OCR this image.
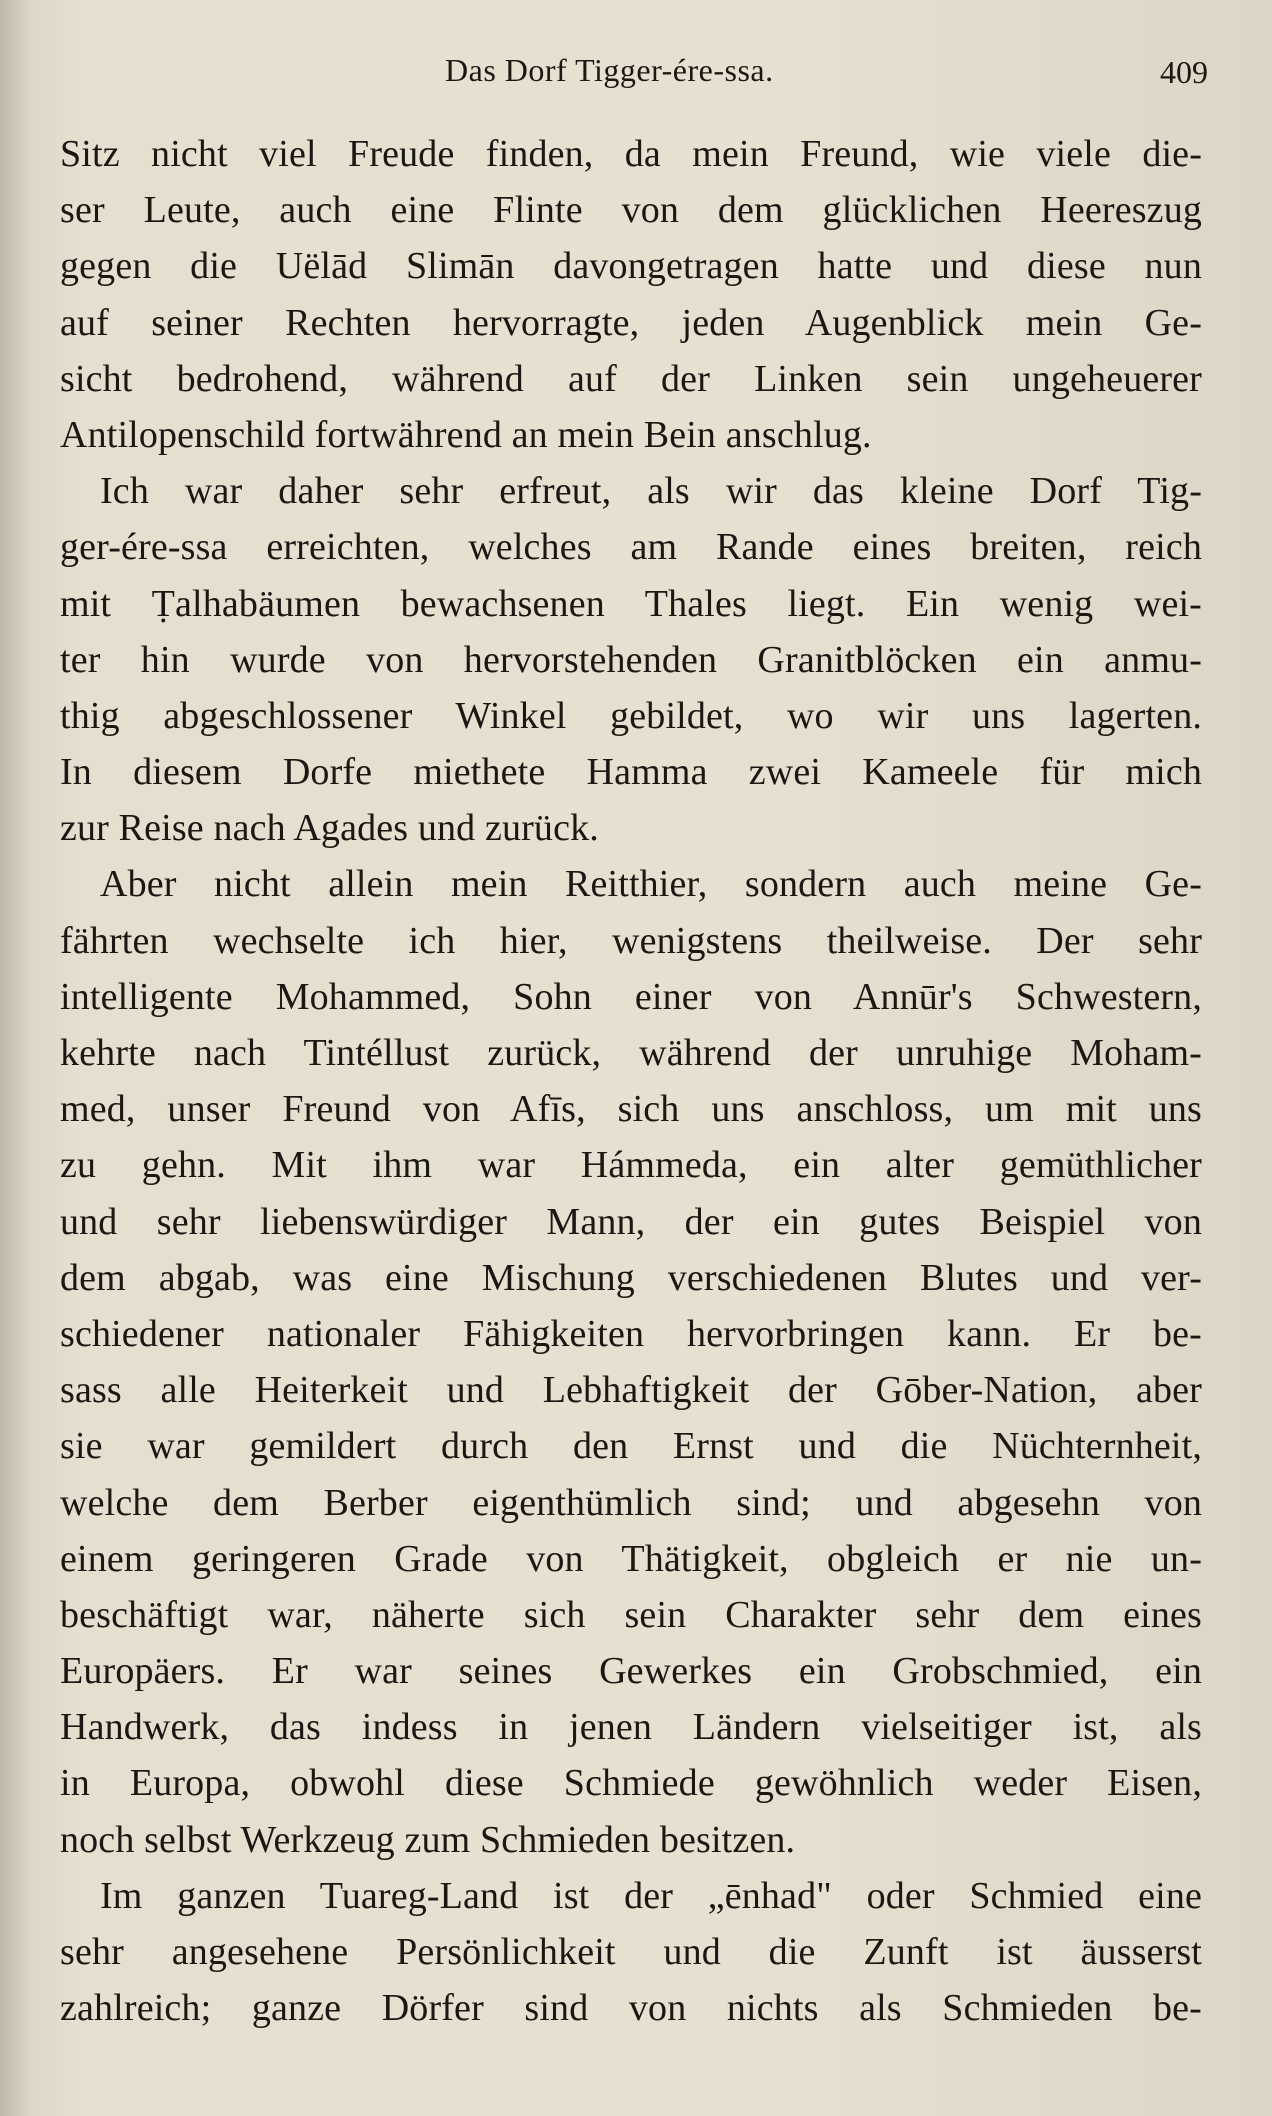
Das Dorf Tigger-ére-ssa.	409
Sitz nicht viel Freude finden, da mein Freund, wie viele die-
ser Leute, auch eine Flinte von dem glücklichen Heereszug
gegen die Uëlād Slimān davongetragen hatte und diese nun
auf seiner Rechten hervorragte, jeden Augenblick mein Ge-
sicht bedrohend, während auf der Linken sein ungeheuerer
Antilopenschild fortwährend an mein Bein anschlug.
Ich war daher sehr erfreut, als wir das kleine Dorf Tig-
ger-ére-ssa erreichten, welches am Rande eines breiten, reich
mit Ṭalhabäumen bewachsenen Thales liegt. Ein wenig wei-
ter hin wurde von hervorstehenden Granitblöcken ein anmu-
thig abgeschlossener Winkel gebildet, wo wir uns lagerten.
In diesem Dorfe miethete Hamma zwei Kameele für mich
zur Reise nach Agades und zurück.
Aber nicht allein mein Reitthier, sondern auch meine Ge-
fährten wechselte ich hier, wenigstens theilweise. Der sehr
intelligente Mohammed, Sohn einer von Annūr's Schwestern,
kehrte nach Tintéllust zurück, während der unruhige Moham-
med, unser Freund von Afīs, sich uns anschloss, um mit uns
zu gehn. Mit ihm war Hámmeda, ein alter gemüthlicher
und sehr liebenswürdiger Mann, der ein gutes Beispiel von
dem abgab, was eine Mischung verschiedenen Blutes und ver-
schiedener nationaler Fähigkeiten hervorbringen kann. Er be-
sass alle Heiterkeit und Lebhaftigkeit der Gōber-Nation, aber
sie war gemildert durch den Ernst und die Nüchternheit,
welche dem Berber eigenthümlich sind; und abgesehn von
einem geringeren Grade von Thätigkeit, obgleich er nie un-
beschäftigt war, näherte sich sein Charakter sehr dem eines
Europäers. Er war seines Gewerkes ein Grobschmied, ein
Handwerk, das indess in jenen Ländern vielseitiger ist, als
in Europa, obwohl diese Schmiede gewöhnlich weder Eisen,
noch selbst Werkzeug zum Schmieden besitzen.
Im ganzen Tuareg-Land ist der „ēnhad" oder Schmied eine
sehr angesehene Persönlichkeit und die Zunft ist äusserst
zahlreich; ganze Dörfer sind von nichts als Schmieden be-
